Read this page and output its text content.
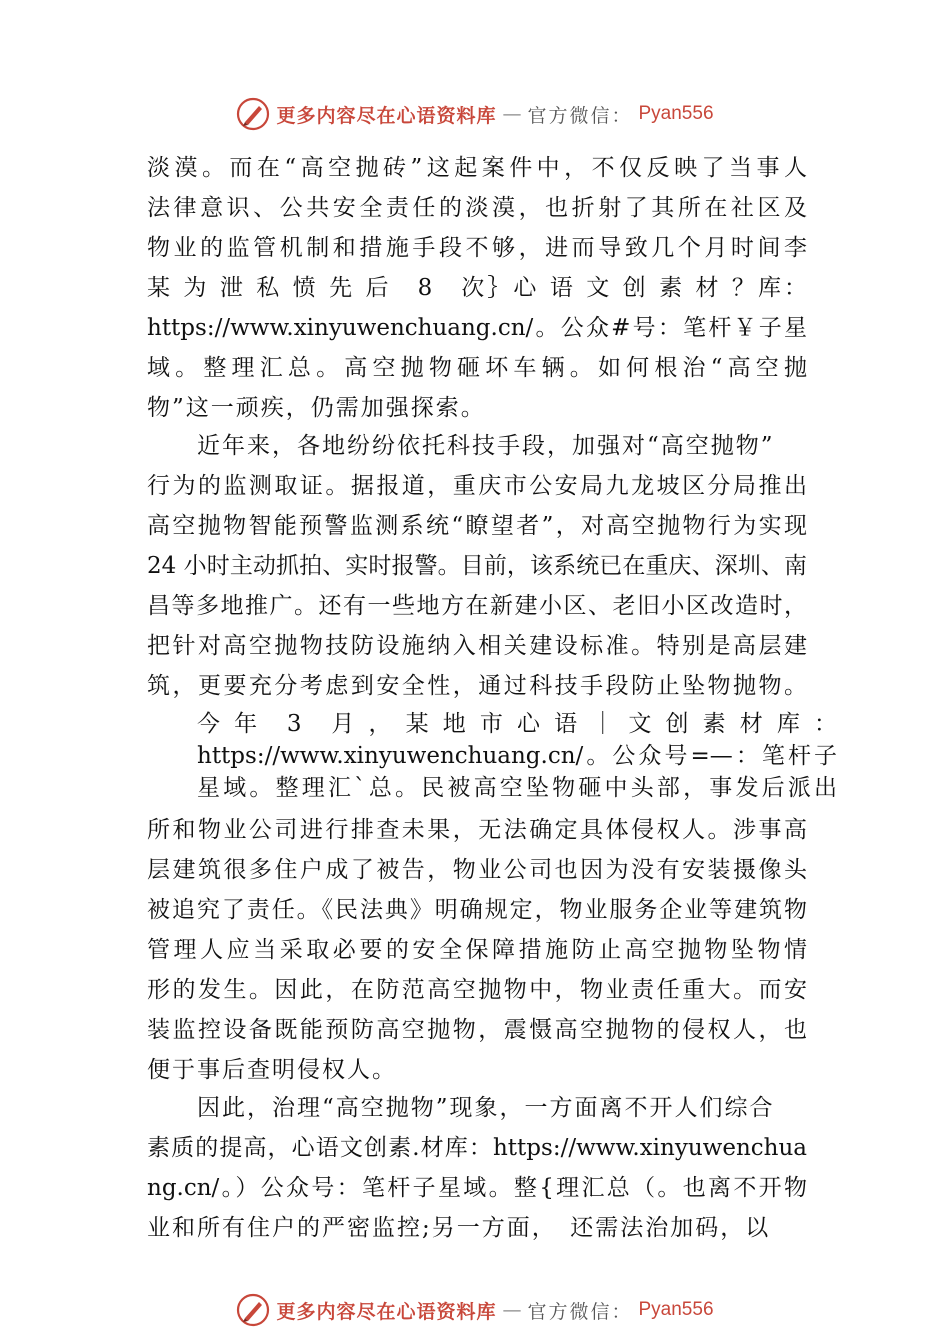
更多内容尽在心语资料库 — 官方微信： Pyan556
淡漠。而在“高空抛砖”这起案件中，不仅反映了当事人
法律意识、公共安全责任的淡漠，也折射了其所在社区及
物业的监管机制和措施手段不够，进而导致几个月时间李
某 为 泄 私 愤 先 后　8　次｝心 语 文 创 素 材 ？库：
https://www.xinyuwenchuang.cn/。公众#号：笔杆￥子星
域。整理汇总。高空抛物砸坏车辆。如何根治“高空抛
物”这一顽疾，仍需加强探索。
　　近年来，各地纷纷依托科技手段，加强对“高空抛物”
行为的监测取证。据报道，重庆市公安局九龙坡区分局推出
高空抛物智能预警监测系统“瞭望者”，对高空抛物行为实现
24 小时主动抓拍、实时报警。目前，该系统已在重庆、深圳、南
昌等多地推广。还有一些地方在新建小区、老旧小区改造时，
把针对高空抛物技防设施纳入相关建设标准。特别是高层建
筑，更要充分考虑到安全性，通过科技手段防止坠物抛物。
今 年　3　月 ， 某 地 市 心 语 ｜ 文 创 素 材 库 ：
https://www.xinyuwenchuang.cn/。公众号=—：笔杆子
星域。整理汇`总。民被高空坠物砸中头部，事发后派出
所和物业公司进行排查未果，无法确定具体侵权人。涉事高
层建筑很多住户成了被告，物业公司也因为没有安装摄像头
被追究了责任。《民法典》明确规定，物业服务企业等建筑物
管理人应当采取必要的安全保障措施防止高空抛物坠物情
形的发生。因此，在防范高空抛物中，物业责任重大。而安
装监控设备既能预防高空抛物，震慑高空抛物的侵权人，也
便于事后查明侵权人。
　　因此，治理“高空抛物”现象，一方面离不开人们综合
素质的提高，心语文创素.材库：https://www.xinyuwenchua
ng.cn/。）公众号：笔杆子星域。整{理汇总（。也离不开物
业和所有住户的严密监控;另一方面，　还需法治加码，以
更多内容尽在心语资料库 — 官方微信： Pyan556
